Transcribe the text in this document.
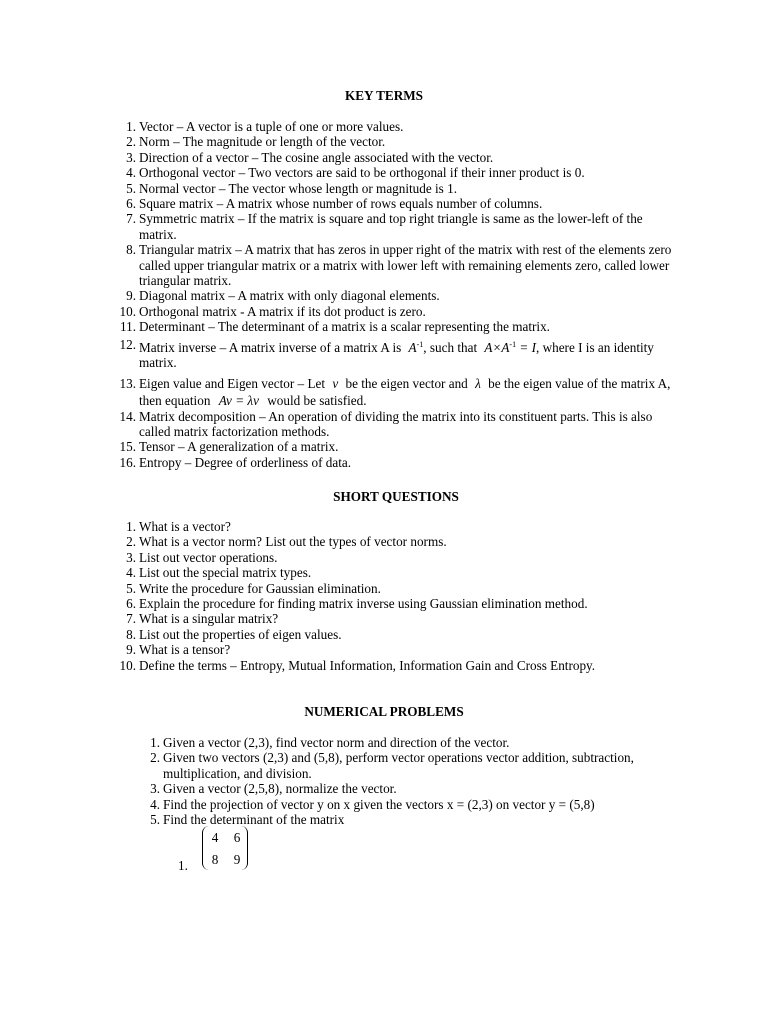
KEY TERMS
1. Vector – A vector is a tuple of one or more values.
2. Norm – The magnitude or length of the vector.
3. Direction of a vector – The cosine angle associated with the vector.
4. Orthogonal vector – Two vectors are said to be orthogonal if their inner product is 0.
5. Normal vector – The vector whose length or magnitude is 1.
6. Square matrix – A matrix whose number of rows equals number of columns.
7. Symmetric matrix – If the matrix is square and top right triangle is same as the lower-left of the matrix.
8. Triangular matrix – A matrix that has zeros in upper right of the matrix with rest of the elements zero called upper triangular matrix or a matrix with lower left with remaining elements zero, called lower triangular matrix.
9. Diagonal matrix – A matrix with only diagonal elements.
10. Orthogonal matrix - A matrix if its dot product is zero.
11. Determinant – The determinant of a matrix is a scalar representing the matrix.
12. Matrix inverse – A matrix inverse of a matrix A is $A^{-1}$, such that $A\times A^{-1} = I$, where I is an identity matrix.
13. Eigen value and Eigen vector – Let v be the eigen vector and λ be the eigen value of the matrix A, then equation Av = λv would be satisfied.
14. Matrix decomposition – An operation of dividing the matrix into its constituent parts. This is also called matrix factorization methods.
15. Tensor – A generalization of a matrix.
16. Entropy – Degree of orderliness of data.
SHORT QUESTIONS
1. What is a vector?
2. What is a vector norm? List out the types of vector norms.
3. List out vector operations.
4. List out the special matrix types.
5. Write the procedure for Gaussian elimination.
6. Explain the procedure for finding matrix inverse using Gaussian elimination method.
7. What is a singular matrix?
8. List out the properties of eigen values.
9. What is a tensor?
10. Define the terms – Entropy, Mutual Information, Information Gain and Cross Entropy.
NUMERICAL PROBLEMS
1. Given a vector (2,3), find vector norm and direction of the vector.
2. Given two vectors (2,3) and (5,8), perform vector operations vector addition, subtraction, multiplication, and division.
3. Given a vector (2,5,8), normalize the vector.
4. Find the projection of vector y on x given the vectors x = (2,3) on vector y = (5,8)
5. Find the determinant of the matrix
1.
4 6
8 9
